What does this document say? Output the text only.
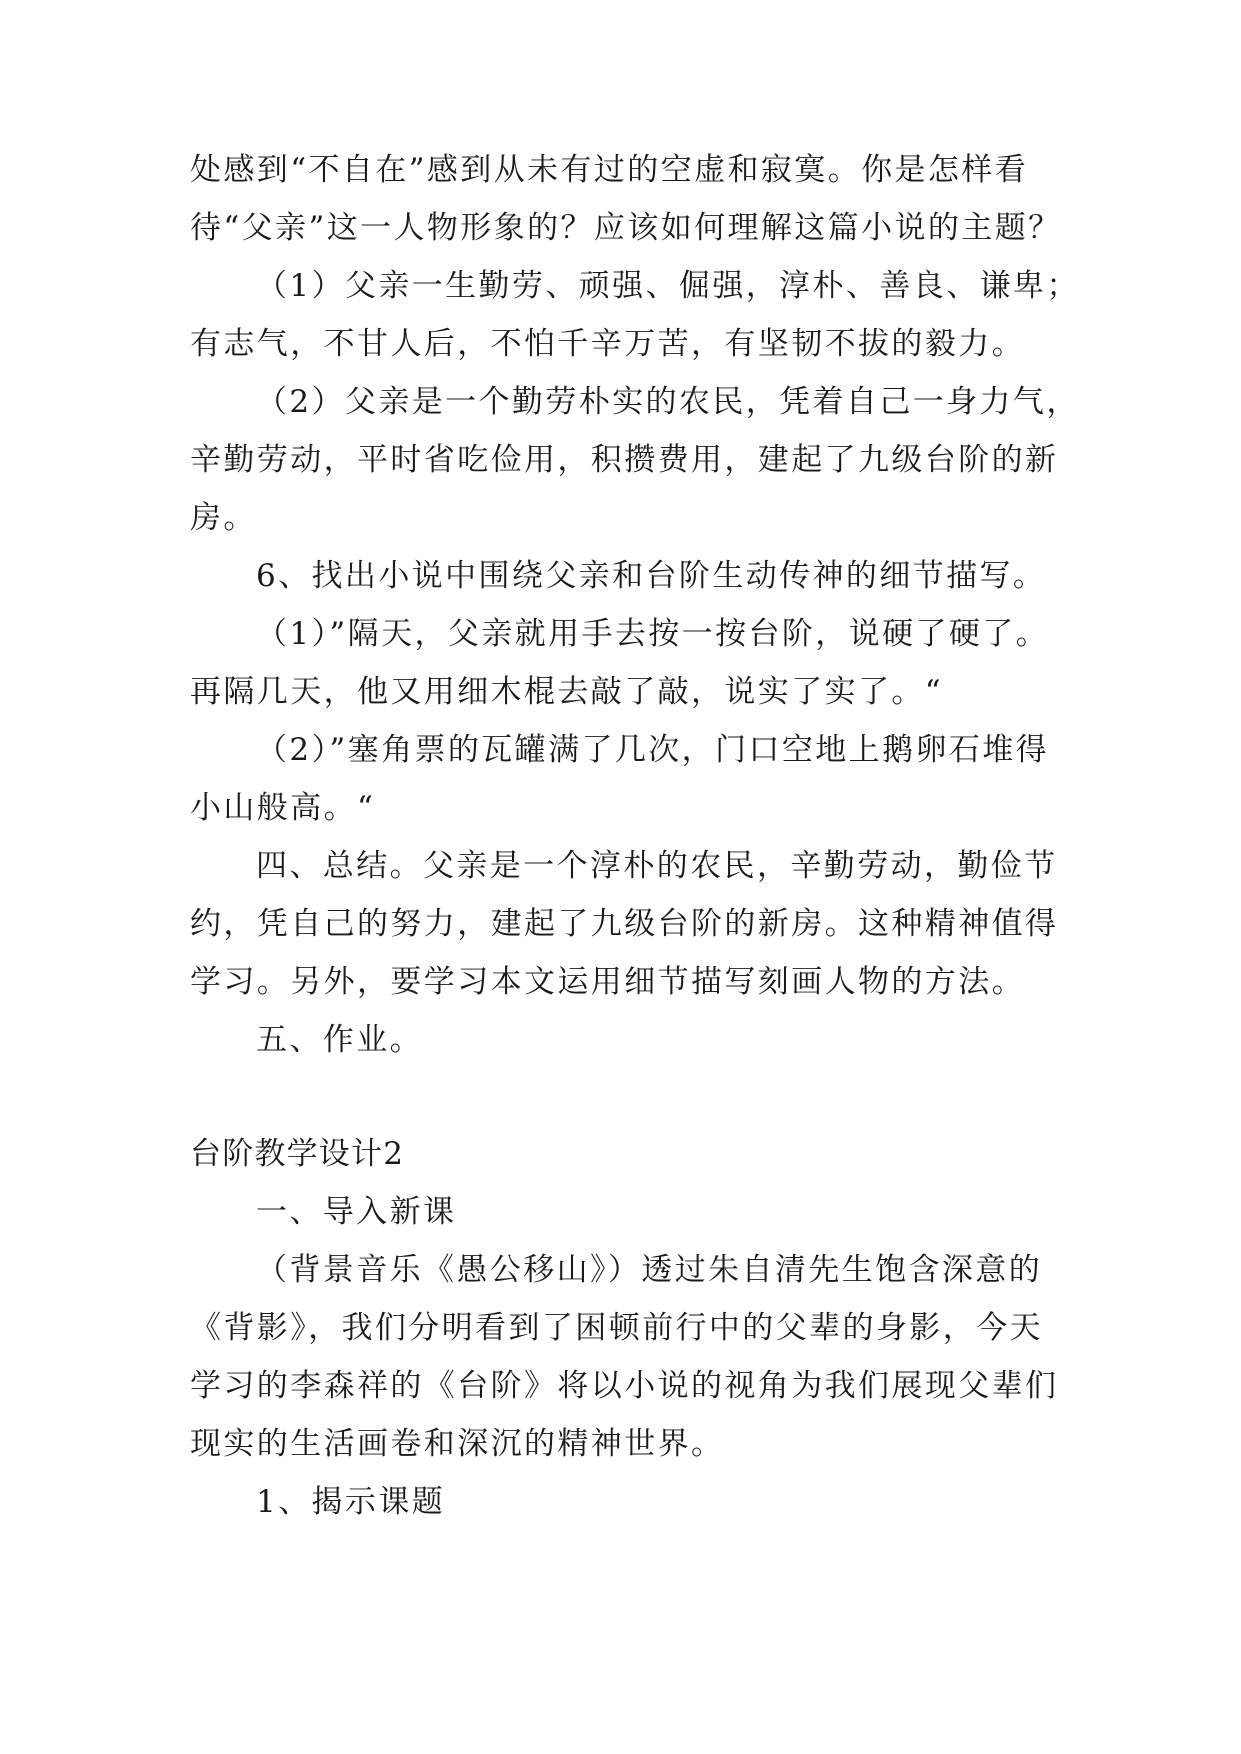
处感到“不自在”感到从未有过的空虚和寂寞。你是怎样看
待“父亲”这一人物形象的？应该如何理解这篇小说的主题？
（1）父亲一生勤劳、顽强、倔强，淳朴、善良、谦卑；
有志气，不甘人后，不怕千辛万苦，有坚韧不拔的毅力。
（2）父亲是一个勤劳朴实的农民，凭着自己一身力气，
辛勤劳动，平时省吃俭用，积攒费用，建起了九级台阶的新
房。
6、找出小说中围绕父亲和台阶生动传神的细节描写。
（1）”隔天，父亲就用手去按一按台阶，说硬了硬了。
再隔几天，他又用细木棍去敲了敲，说实了实了。“
（2）”塞角票的瓦罐满了几次，门口空地上鹅卵石堆得
小山般高。“
四、总结。父亲是一个淳朴的农民，辛勤劳动，勤俭节
约，凭自己的努力，建起了九级台阶的新房。这种精神值得
学习。另外，要学习本文运用细节描写刻画人物的方法。
五、作业。
台阶教学设计2
一、导入新课
（背景音乐《愚公移山》）透过朱自清先生饱含深意的
《背影》，我们分明看到了困顿前行中的父辈的身影，今天
学习的李森祥的《台阶》将以小说的视角为我们展现父辈们
现实的生活画卷和深沉的精神世界。
1、揭示课题
